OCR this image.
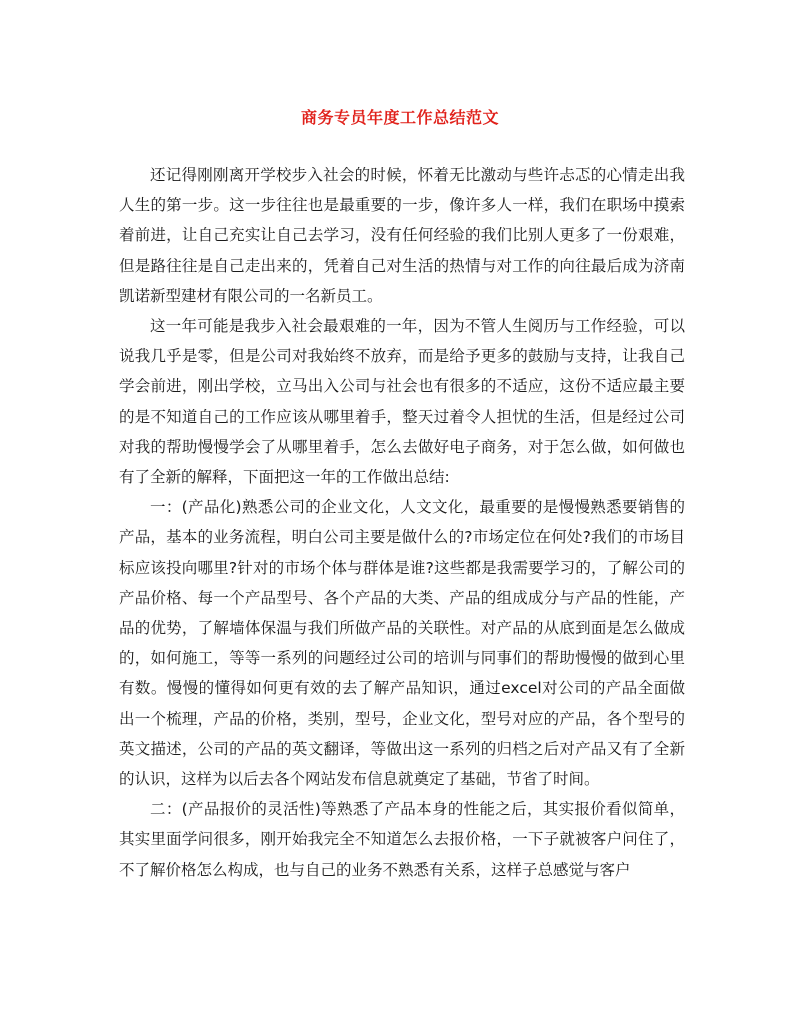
商务专员年度工作总结范文

还记得刚刚离开学校步入社会的时候，怀着无比激动与些许忐忑的心情走出我人生的第一步。这一步往往也是最重要的一步，像许多人一样，我们在职场中摸索着前进，让自己充实让自己去学习，没有任何经验的我们比别人更多了一份艰难，但是路往往是自己走出来的，凭着自己对生活的热情与对工作的向往最后成为济南凯诺新型建材有限公司的一名新员工。

这一年可能是我步入社会最艰难的一年，因为不管人生阅历与工作经验，可以说我几乎是零，但是公司对我始终不放弃，而是给予更多的鼓励与支持，让我自己学会前进，刚出学校，立马出入公司与社会也有很多的不适应，这份不适应最主要的是不知道自己的工作应该从哪里着手，整天过着令人担忧的生活，但是经过公司对我的帮助慢慢学会了从哪里着手，怎么去做好电子商务，对于怎么做，如何做也有了全新的解释，下面把这一年的工作做出总结:

一：(产品化)熟悉公司的企业文化，人文文化，最重要的是慢慢熟悉要销售的产品，基本的业务流程，明白公司主要是做什么的?市场定位在何处?我们的市场目标应该投向哪里?针对的市场个体与群体是谁?这些都是我需要学习的，了解公司的产品价格、每一个产品型号、各个产品的大类、产品的组成成分与产品的性能，产品的优势，了解墙体保温与我们所做产品的关联性。对产品的从底到面是怎么做成的，如何施工，等等一系列的问题经过公司的培训与同事们的帮助慢慢的做到心里有数。慢慢的懂得如何更有效的去了解产品知识，通过excel对公司的产品全面做出一个梳理，产品的价格，类别，型号，企业文化，型号对应的产品，各个型号的英文描述，公司的产品的英文翻译，等做出这一系列的归档之后对产品又有了全新的认识，这样为以后去各个网站发布信息就奠定了基础，节省了时间。

二：(产品报价的灵活性)等熟悉了产品本身的性能之后，其实报价看似简单，其实里面学问很多，刚开始我完全不知道怎么去报价格，一下子就被客户问住了，不了解价格怎么构成，也与自己的业务不熟悉有关系，这样子总感觉与客户
